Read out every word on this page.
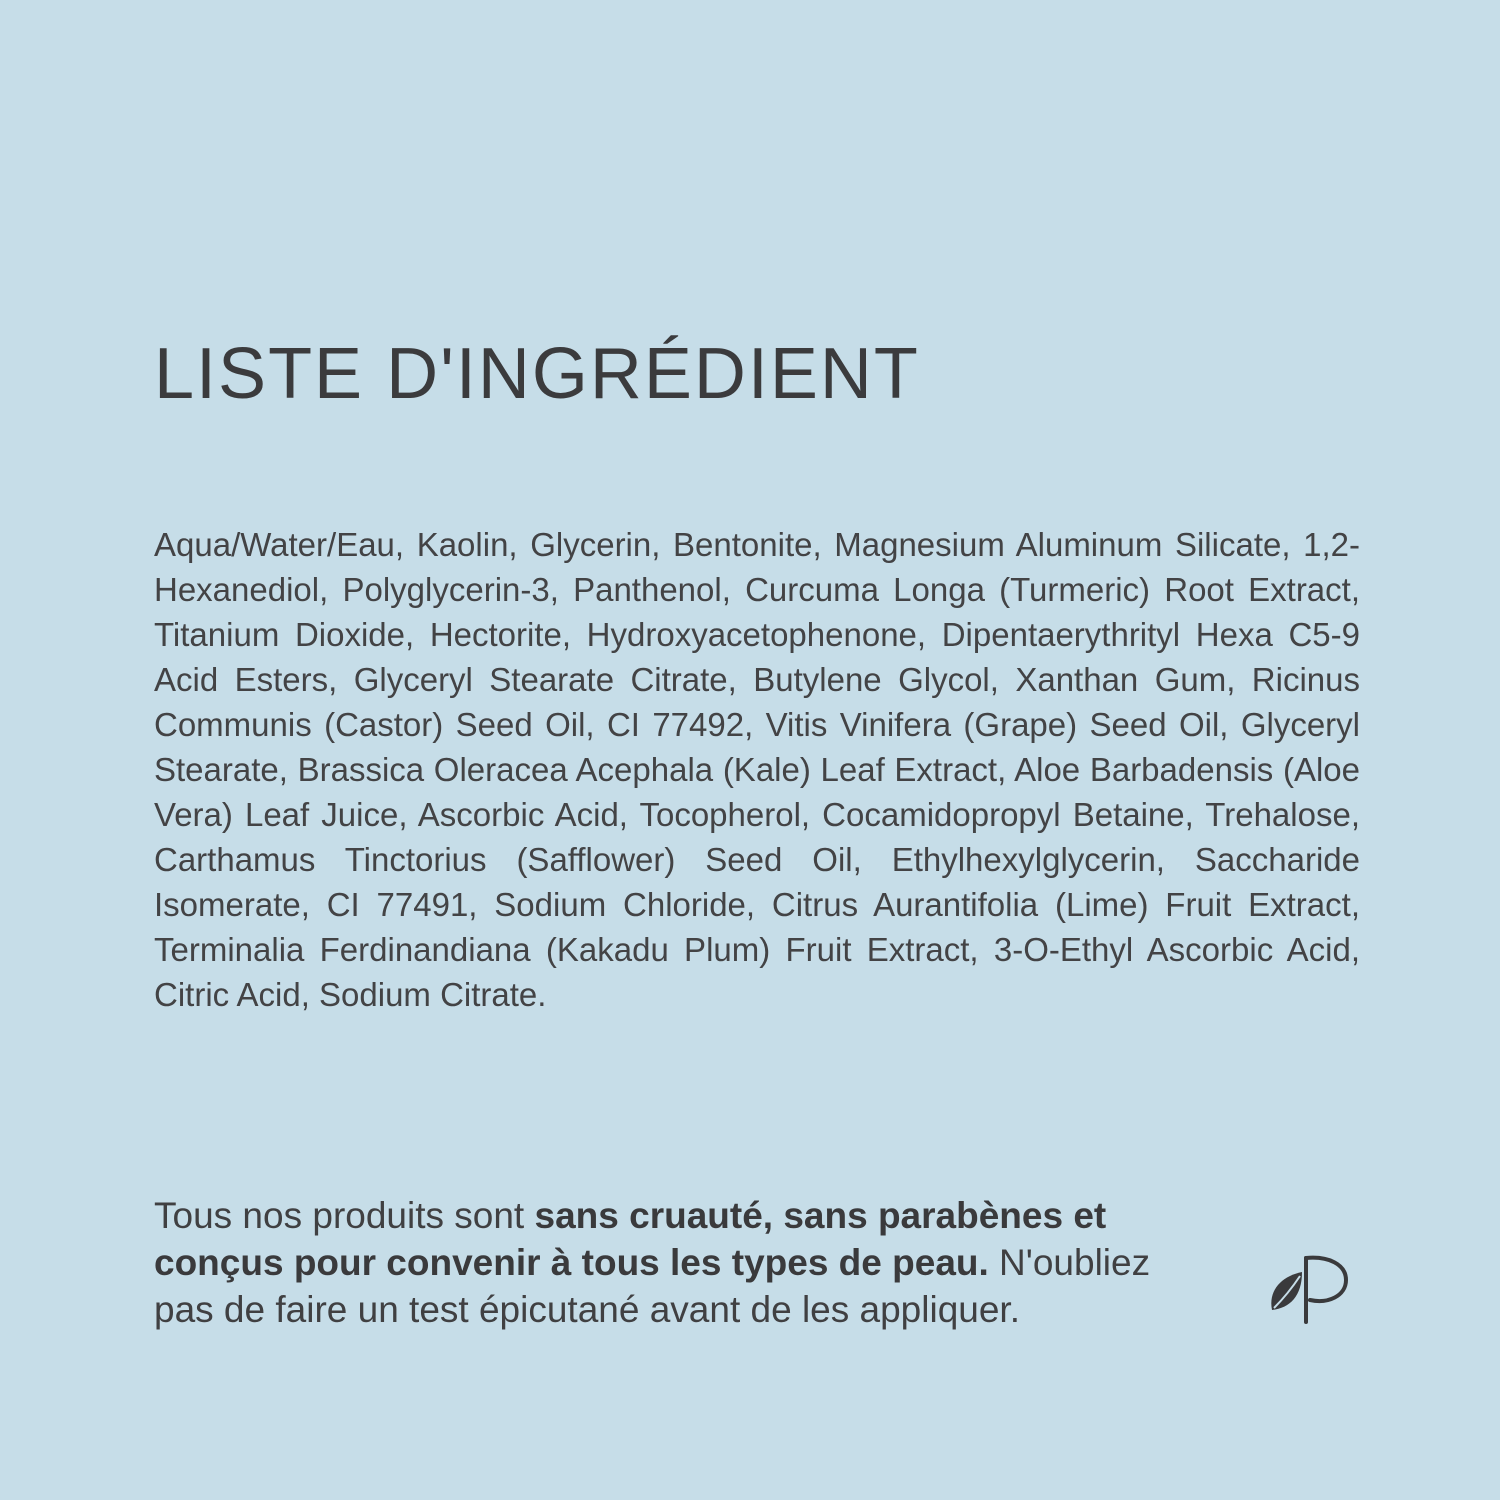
LISTE D'INGRÉDIENT

Aqua/Water/Eau, Kaolin, Glycerin, Bentonite, Magnesium Aluminum Silicate, 1,2-Hexanediol, Polyglycerin-3, Panthenol, Curcuma Longa (Turmeric) Root Extract, Titanium Dioxide, Hectorite, Hydroxyacetophenone, Dipentaerythrityl Hexa C5-9 Acid Esters, Glyceryl Stearate Citrate, Butylene Glycol, Xanthan Gum, Ricinus Communis (Castor) Seed Oil, CI 77492, Vitis Vinifera (Grape) Seed Oil, Glyceryl Stearate, Brassica Oleracea Acephala (Kale) Leaf Extract, Aloe Barbadensis (Aloe Vera) Leaf Juice, Ascorbic Acid, Tocopherol, Cocamidopropyl Betaine, Trehalose, Carthamus Tinctorius (Safflower) Seed Oil, Ethylhexylglycerin, Saccharide Isomerate, CI 77491, Sodium Chloride, Citrus Aurantifolia (Lime) Fruit Extract, Terminalia Ferdinandiana (Kakadu Plum) Fruit Extract, 3-O-Ethyl Ascorbic Acid, Citric Acid, Sodium Citrate.

Tous nos produits sont sans cruauté, sans parabènes et conçus pour convenir à tous les types de peau. N'oubliez pas de faire un test épicutané avant de les appliquer.
